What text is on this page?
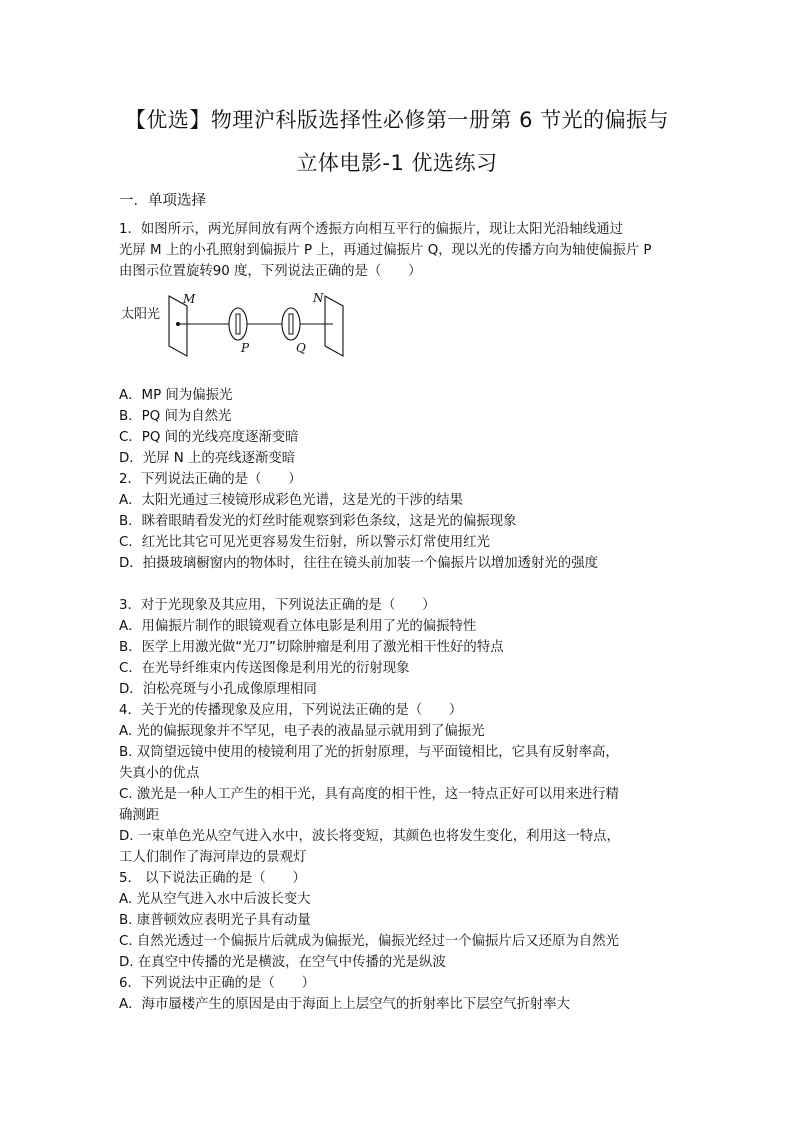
【优选】物理沪科版选择性必修第一册第 6 节光的偏振与
立体电影-1 优选练习
一．单项选择
太阳光
M
P	Q
N
1．如图所示，两光屏间放有两个透振方向相互平行的偏振片，现让太阳光沿轴线通过
光屏 M 上的小孔照射到偏振片 P 上，再通过偏振片 Q，现以光的传播方向为轴使偏振片 P
由图示位置旋转90 度，下列说法正确的是（　　）
A．MP 间为偏振光
B．PQ 间为自然光
C．PQ 间的光线亮度逐渐变暗
D．光屏 N 上的亮线逐渐变暗
2．下列说法正确的是（　　）
A．太阳光通过三棱镜形成彩色光谱，这是光的干涉的结果
B．眯着眼睛看发光的灯丝时能观察到彩色条纹，这是光的偏振现象
C．红光比其它可见光更容易发生衍射，所以警示灯常使用红光
D．拍摄玻璃橱窗内的物体时，往往在镜头前加装一个偏振片以增加透射光的强度
3．对于光现象及其应用，下列说法正确的是（　　）
A．用偏振片制作的眼镜观看立体电影是利用了光的偏振特性
B．医学上用激光做“光刀”切除肿瘤是利用了激光相干性好的特点
C．在光导纤维束内传送图像是利用光的衍射现象
D．泊松亮斑与小孔成像原理相同
4．关于光的传播现象及应用，下列说法正确的是（　　）
A. 光的偏振现象并不罕见，电子表的液晶显示就用到了偏振光
B. 双筒望远镜中使用的棱镜利用了光的折射原理，与平面镜相比，它具有反射率高，
失真小的优点
C. 激光是一种人工产生的相干光，具有高度的相干性，这一特点正好可以用来进行精
确测距
D. 一束单色光从空气进入水中，波长将变短，其颜色也将发生变化，利用这一特点，
工人们制作了海河岸边的景观灯
5． 以下说法正确的是（　　）
A. 光从空气进入水中后波长变大
B. 康普顿效应表明光子具有动量
C. 自然光透过一个偏振片后就成为偏振光，偏振光经过一个偏振片后又还原为自然光
D. 在真空中传播的光是横波，在空气中传播的光是纵波
6．下列说法中正确的是（　　）
A．海市蜃楼产生的原因是由于海面上上层空气的折射率比下层空气折射率大
